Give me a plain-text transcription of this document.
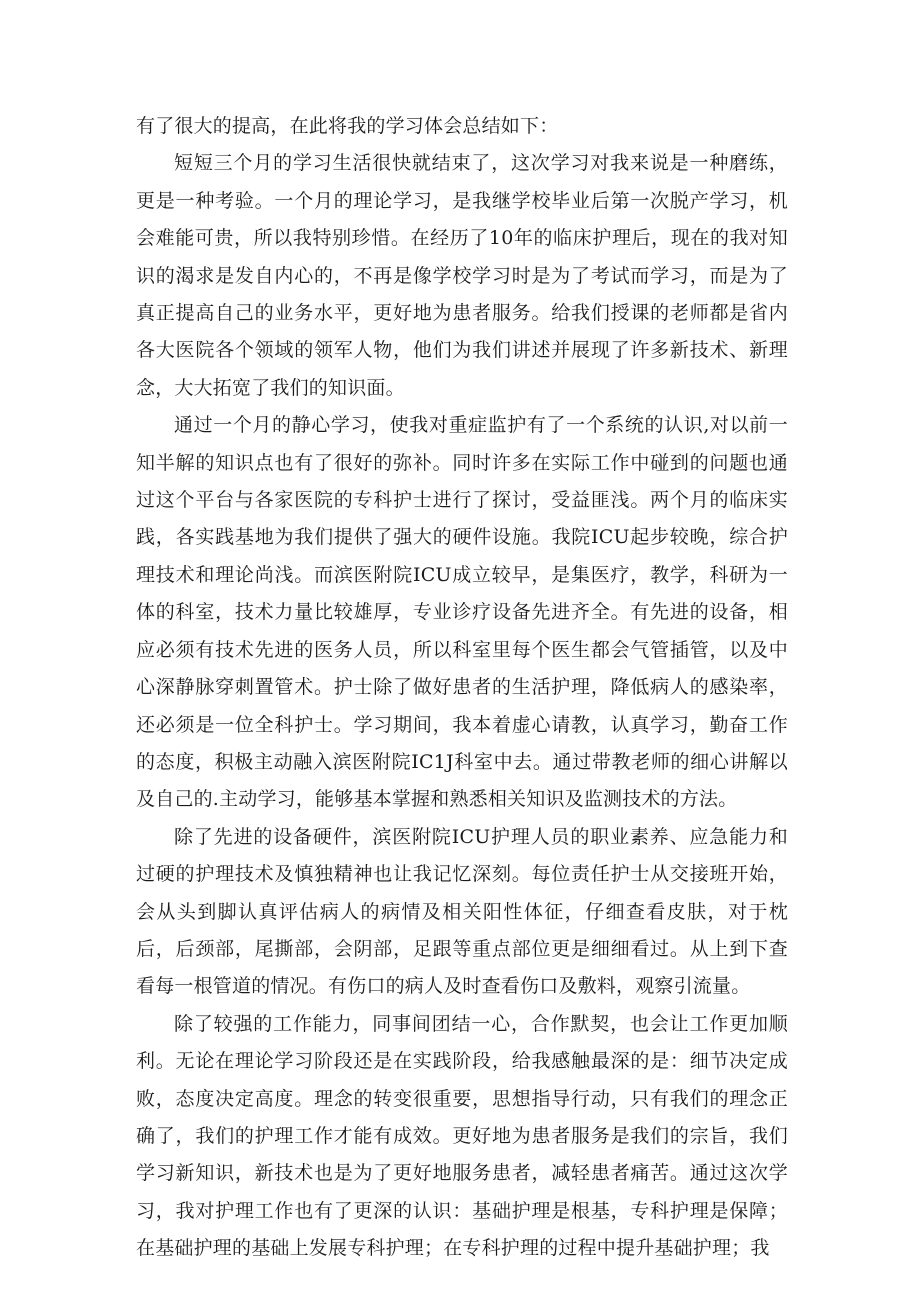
有了很大的提高，在此将我的学习体会总结如下：

短短三个月的学习生活很快就结束了，这次学习对我来说是一种磨练，更是一种考验。一个月的理论学习，是我继学校毕业后第一次脱产学习，机会难能可贵，所以我特别珍惜。在经历了10年的临床护理后，现在的我对知识的渴求是发自内心的，不再是像学校学习时是为了考试而学习，而是为了真正提高自己的业务水平，更好地为患者服务。给我们授课的老师都是省内各大医院各个领域的领军人物，他们为我们讲述并展现了许多新技术、新理念，大大拓宽了我们的知识面。

通过一个月的静心学习，使我对重症监护有了一个系统的认识,对以前一知半解的知识点也有了很好的弥补。同时许多在实际工作中碰到的问题也通过这个平台与各家医院的专科护士进行了探讨，受益匪浅。两个月的临床实践，各实践基地为我们提供了强大的硬件设施。我院ICU起步较晚，综合护理技术和理论尚浅。而滨医附院ICU成立较早，是集医疗，教学，科研为一体的科室，技术力量比较雄厚，专业诊疗设备先进齐全。有先进的设备，相应必须有技术先进的医务人员，所以科室里每个医生都会气管插管，以及中心深静脉穿刺置管术。护士除了做好患者的生活护理，降低病人的感染率，还必须是一位全科护士。学习期间，我本着虚心请教，认真学习，勤奋工作的态度，积极主动融入滨医附院IC1J科室中去。通过带教老师的细心讲解以及自己的.主动学习，能够基本掌握和熟悉相关知识及监测技术的方法。

除了先进的设备硬件，滨医附院ICU护理人员的职业素养、应急能力和过硬的护理技术及慎独精神也让我记忆深刻。每位责任护士从交接班开始，会从头到脚认真评估病人的病情及相关阳性体征，仔细查看皮肤，对于枕后，后颈部，尾撕部，会阴部，足跟等重点部位更是细细看过。从上到下查看每一根管道的情况。有伤口的病人及时查看伤口及敷料，观察引流量。

除了较强的工作能力，同事间团结一心，合作默契，也会让工作更加顺利。无论在理论学习阶段还是在实践阶段，给我感触最深的是：细节决定成败，态度决定高度。理念的转变很重要，思想指导行动，只有我们的理念正确了，我们的护理工作才能有成效。更好地为患者服务是我们的宗旨，我们学习新知识，新技术也是为了更好地服务患者，减轻患者痛苦。通过这次学习，我对护理工作也有了更深的认识：基础护理是根基，专科护理是保障；在基础护理的基础上发展专科护理；在专科护理的过程中提升基础护理；我
